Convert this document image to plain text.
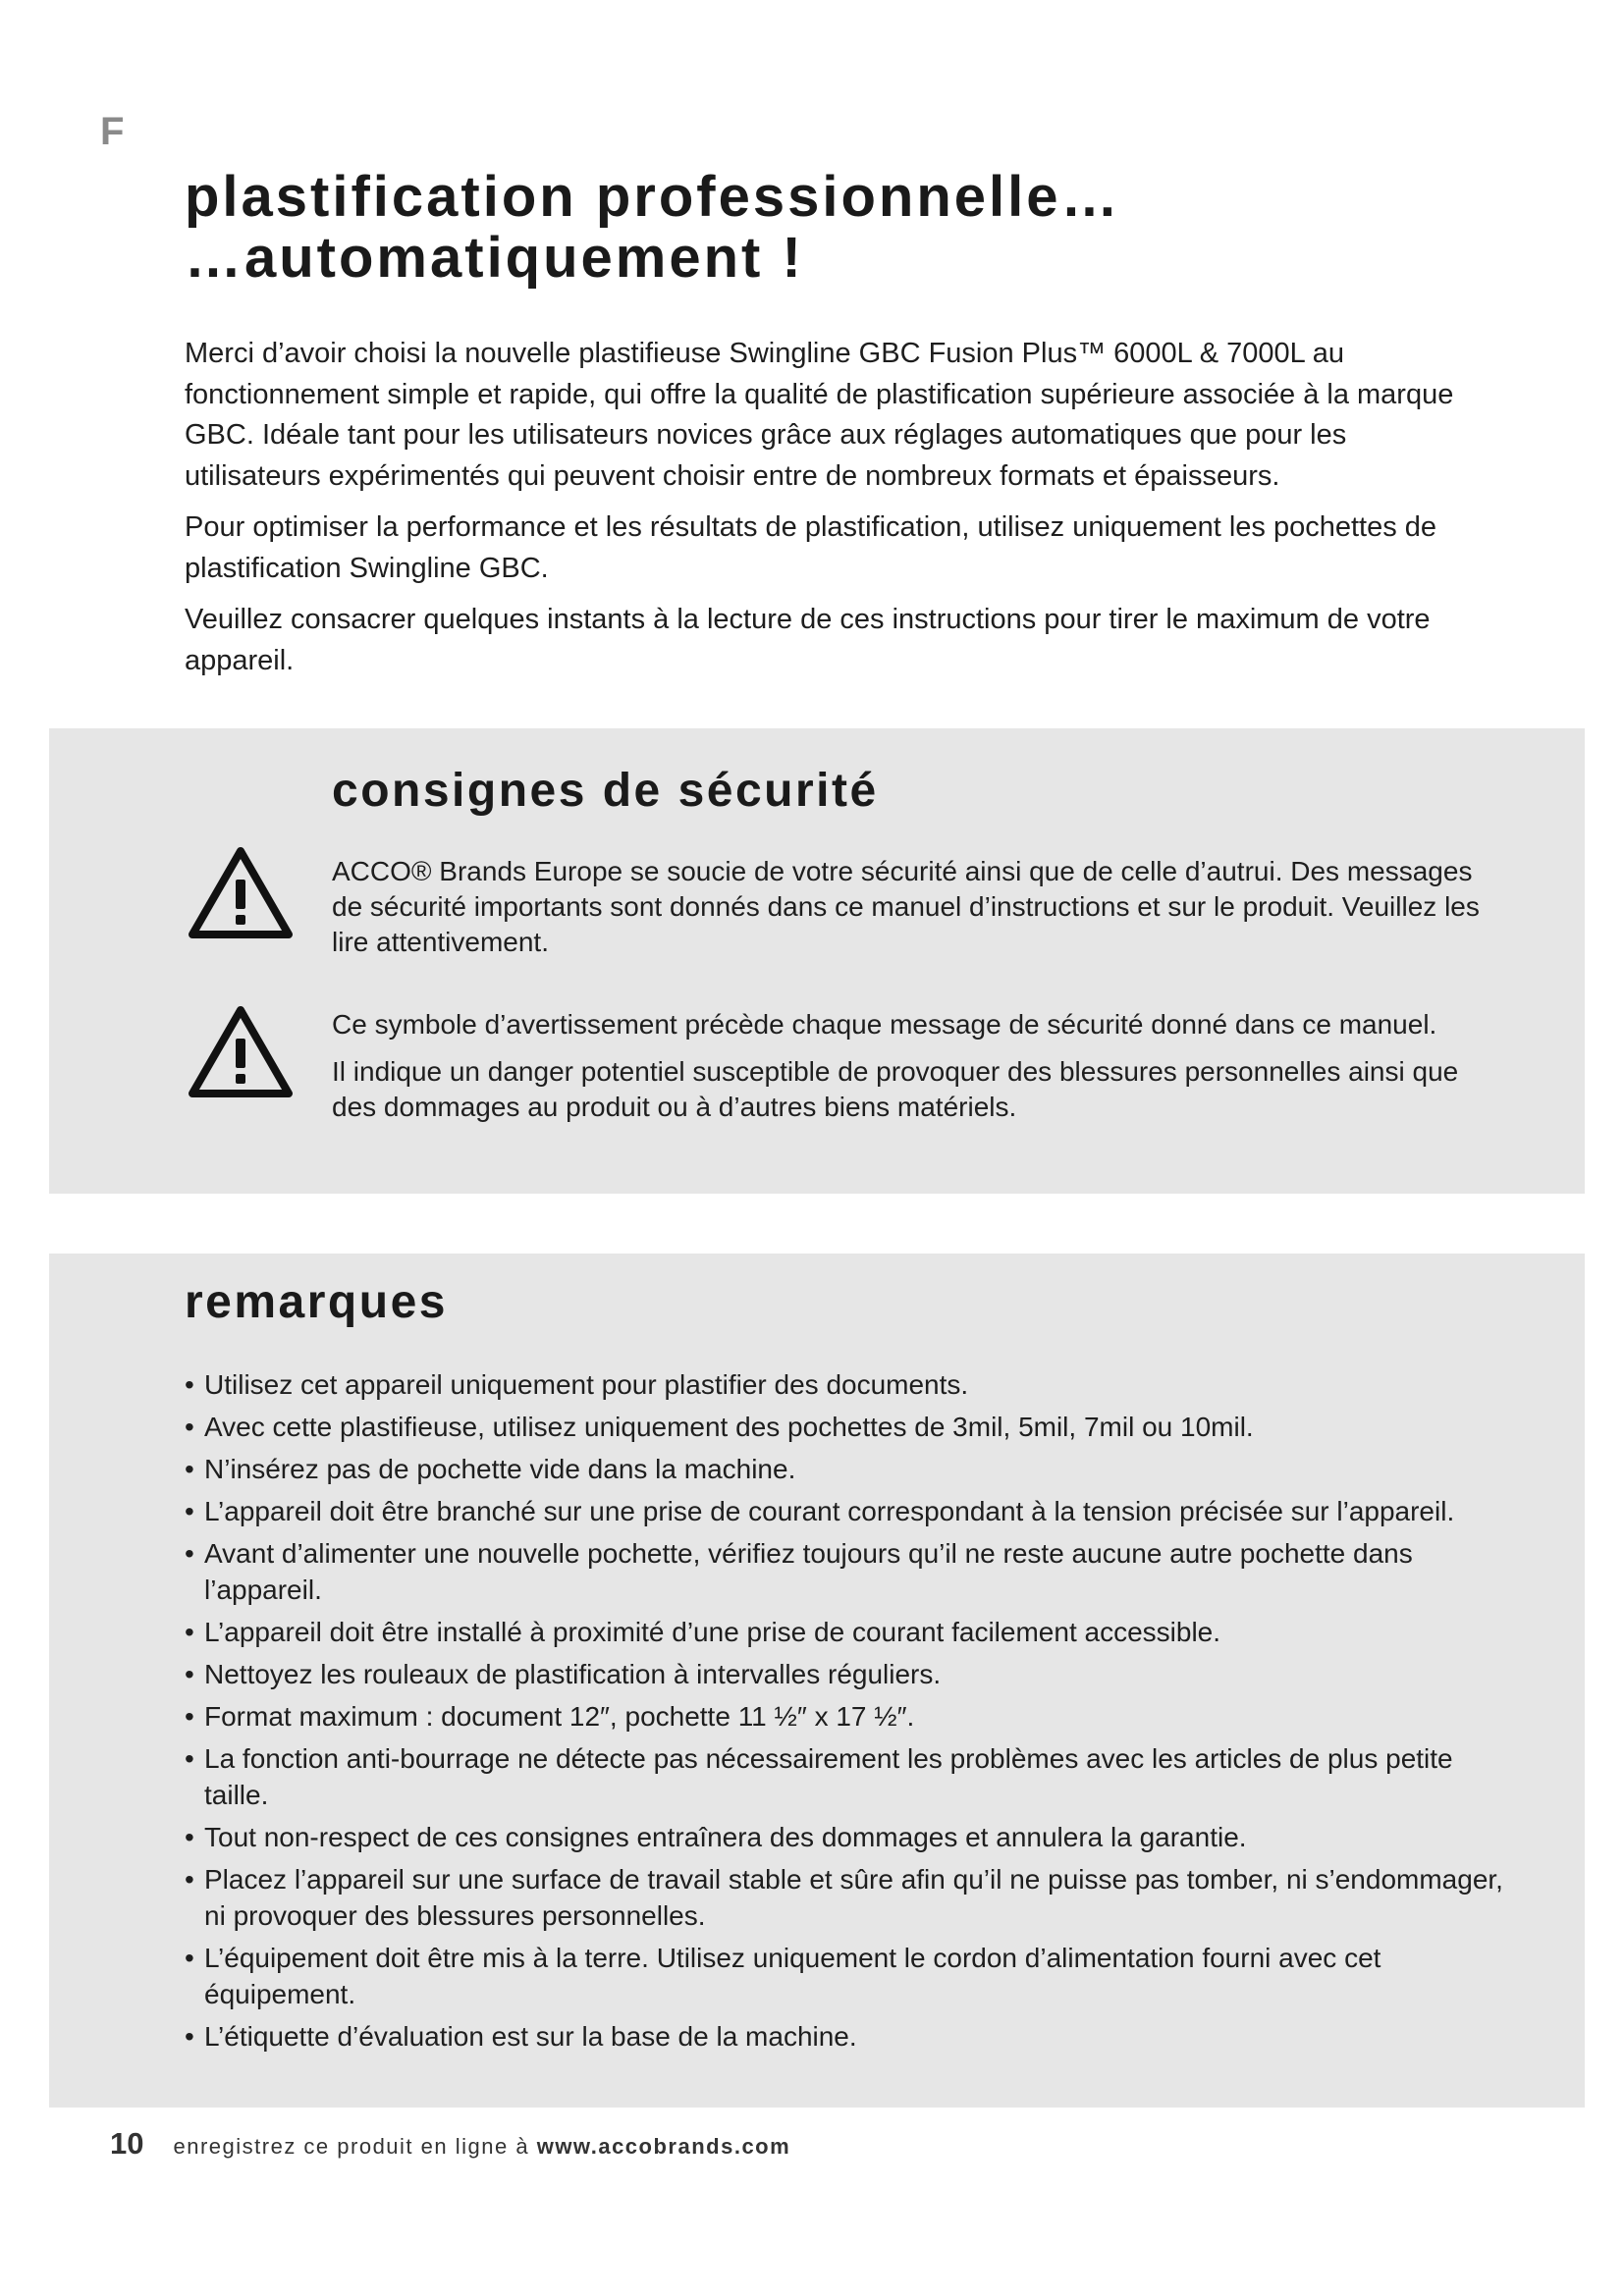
F
plastification professionnelle…
…automatiquement !

Merci d’avoir choisi la nouvelle plastifieuse Swingline GBC Fusion Plus™ 6000L & 7000L au fonctionnement simple et rapide, qui offre la qualité de plastification supérieure associée à la marque GBC. Idéale tant pour les utilisateurs novices grâce aux réglages automatiques que pour les utilisateurs expérimentés qui peuvent choisir entre de nombreux formats et épaisseurs.

Pour optimiser la performance et les résultats de plastification, utilisez uniquement les pochettes de plastification Swingline GBC.

Veuillez consacrer quelques instants à la lecture de ces instructions pour tirer le maximum de votre appareil.

consignes de sécurité

ACCO® Brands Europe se soucie de votre sécurité ainsi que de celle d’autrui. Des messages de sécurité importants sont donnés dans ce manuel d’instructions et sur le produit. Veuillez les lire attentivement.

Ce symbole d’avertissement précède chaque message de sécurité donné dans ce manuel.

Il indique un danger potentiel susceptible de provoquer des blessures personnelles ainsi que des dommages au produit ou à d’autres biens matériels.

remarques
• Utilisez cet appareil uniquement pour plastifier des documents.
• Avec cette plastifieuse, utilisez uniquement des pochettes de 3mil, 5mil, 7mil ou 10mil.
• N’insérez pas de pochette vide dans la machine.
• L’appareil doit être branché sur une prise de courant correspondant à la tension précisée sur l’appareil.
• Avant d’alimenter une nouvelle pochette, vérifiez toujours qu’il ne reste aucune autre pochette dans l’appareil.
• L’appareil doit être installé à proximité d’une prise de courant facilement accessible.
• Nettoyez les rouleaux de plastification à intervalles réguliers.
• Format maximum : document 12″, pochette 11 ½″ x 17 ½″.
• La fonction anti-bourrage ne détecte pas nécessairement les problèmes avec les articles de plus petite taille.
• Tout non-respect de ces consignes entraînera des dommages et annulera la garantie.
• Placez l’appareil sur une surface de travail stable et sûre afin qu’il ne puisse pas tomber, ni s’endommager, ni provoquer des blessures personnelles.
• L’équipement doit être mis à la terre. Utilisez uniquement le cordon d’alimentation fourni avec cet équipement.
• L’étiquette d’évaluation est sur la base de la machine.
10 enregistrez ce produit en ligne à www.accobrands.com
